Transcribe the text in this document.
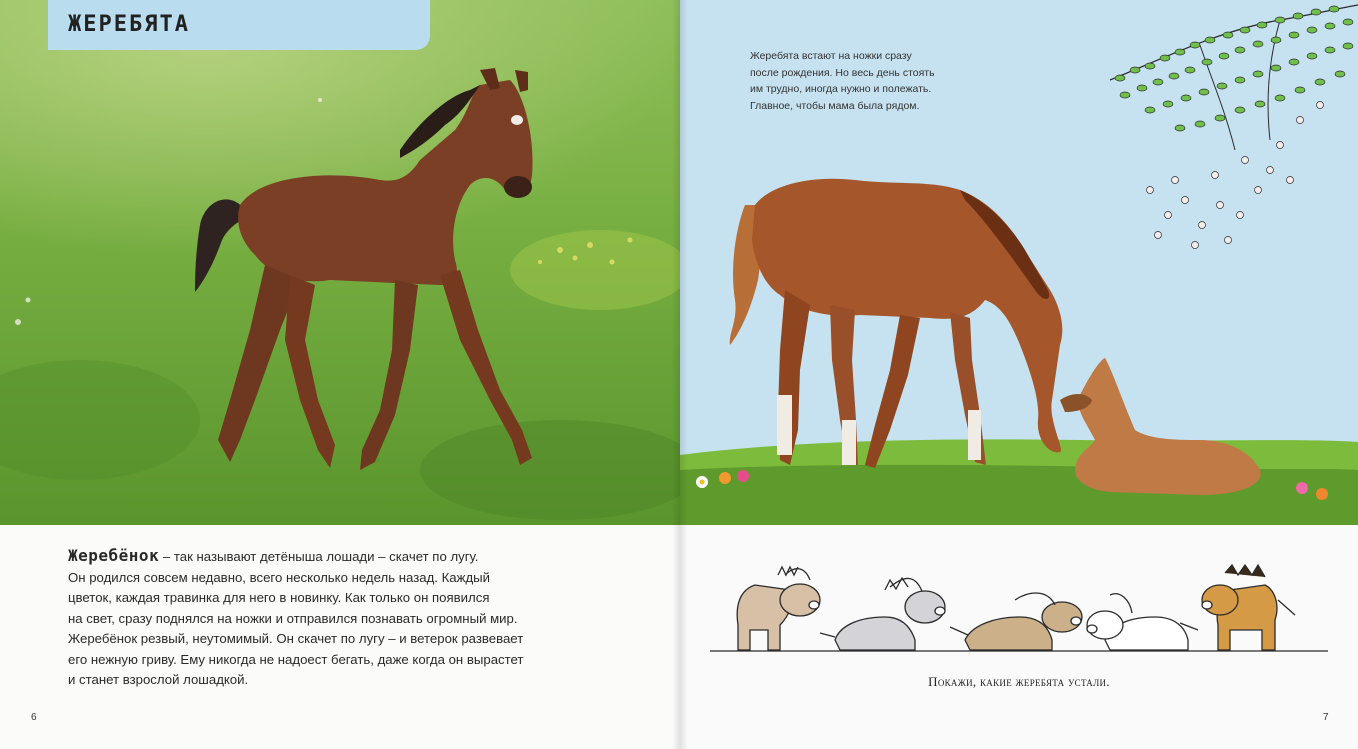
ЖЕРЕБЯТА
Жеребёнок – так называют детёныша лошади – скачет по лугу.
Он родился совсем недавно, всего несколько недель назад. Каждый
цветок, каждая травинка для него в новинку. Как только он появился
на свет, сразу поднялся на ножки и отправился познавать огромный мир.
Жеребёнок резвый, неутомимый. Он скачет по лугу – и ветерок развевает
его нежную гриву. Ему никогда не надоест бегать, даже когда он вырастет
и станет взрослой лошадкой.
6
Жеребята встают на ножки сразу
после рождения. Но весь день стоять
им трудно, иногда нужно и полежать.
Главное, чтобы мама была рядом.
Покажи, какие жеребята устали.
7
